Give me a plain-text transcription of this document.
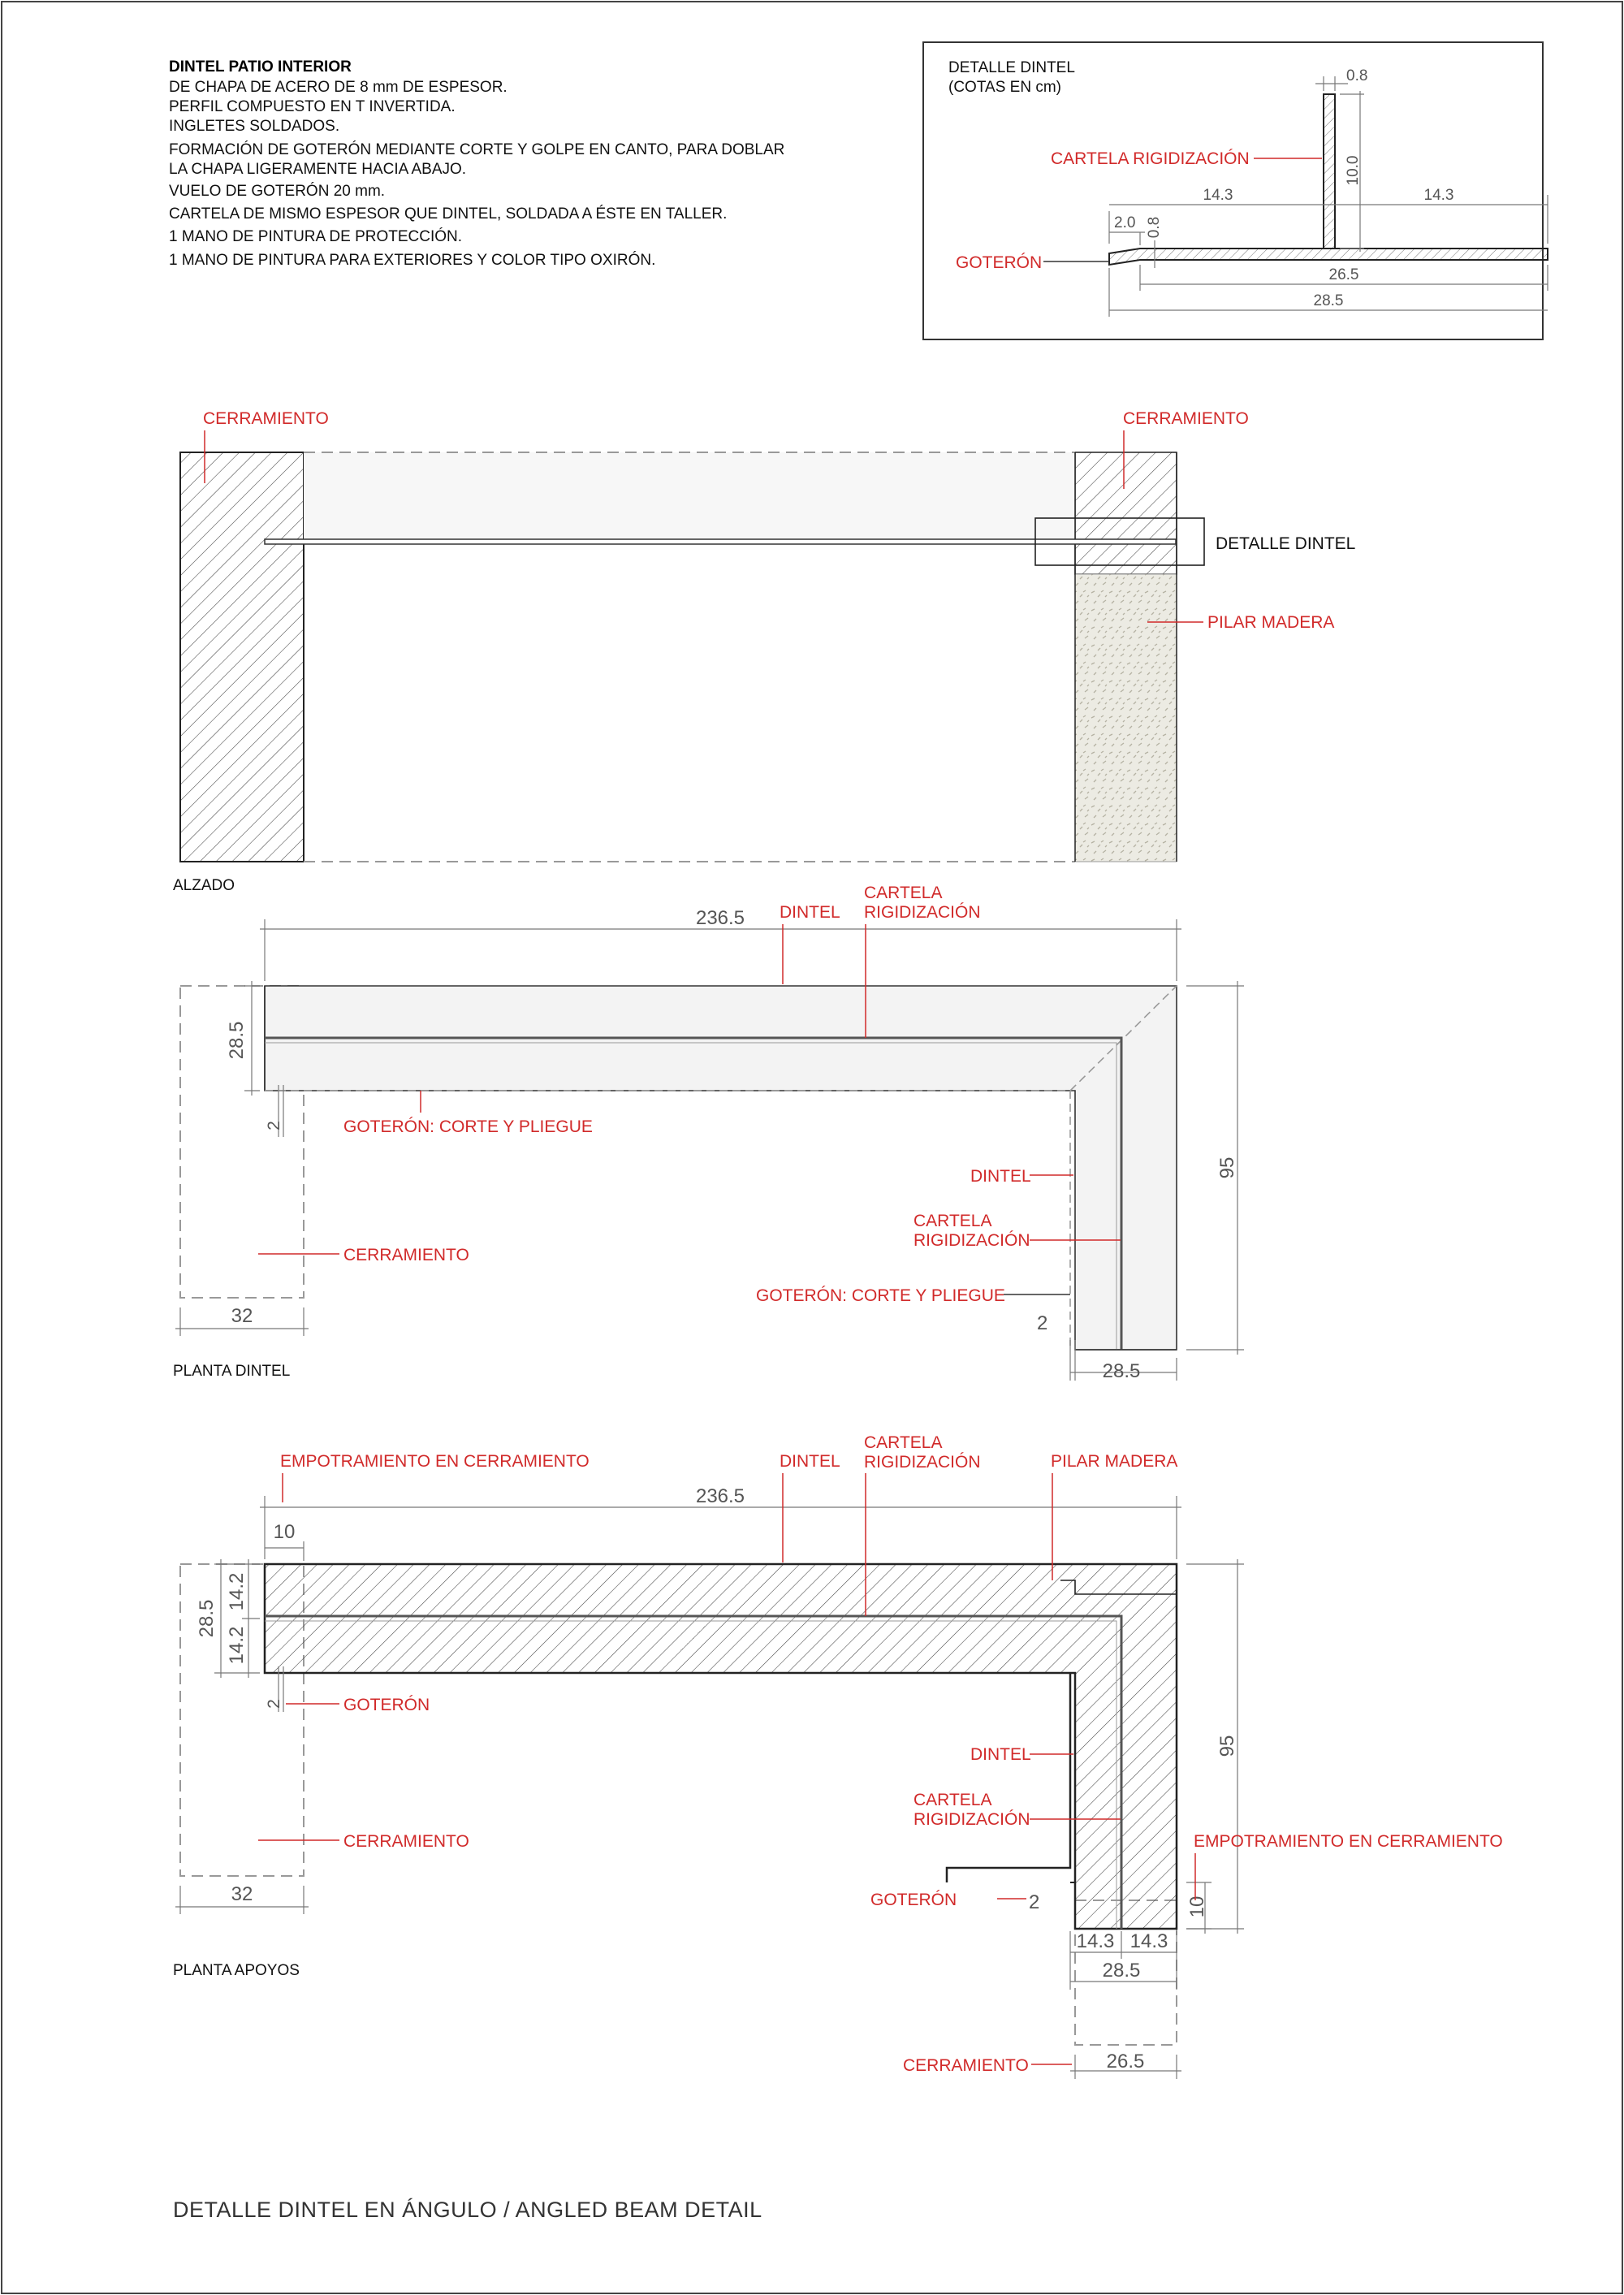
DINTEL PATIO INTERIOR
DE CHAPA DE ACERO DE 8 mm DE ESPESOR.
PERFIL COMPUESTO EN T INVERTIDA.
INGLETES SOLDADOS.
FORMACIÓN DE GOTERÓN MEDIANTE CORTE Y GOLPE EN CANTO, PARA DOBLAR
LA CHAPA LIGERAMENTE HACIA ABAJO.
VUELO DE GOTERÓN 20 mm.
CARTELA DE MISMO ESPESOR QUE DINTEL, SOLDADA A ÉSTE EN TALLER.
1 MANO DE PINTURA DE PROTECCIÓN.
1 MANO DE PINTURA PARA EXTERIORES Y COLOR TIPO OXIRÓN.
DETALLE DINTEL
(COTAS EN cm)
0.8
10.0
14.3	14.3
2.0 0.8
26.5
28.5
CARTELA RIGIDIZACIÓN
GOTERÓN
CERRAMIENTO	CERRAMIENTO
DETALLE DINTEL
PILAR MADERA
ALZADO
236.5
28.5
2
95
32	2
28.5
DINTEL
CARTELA
RIGIDIZACIÓN
GOTERÓN: CORTE Y PLIEGUE
DINTEL
CARTELA
RIGIDIZACIÓN
GOTERÓN: CORTE Y PLIEGUE
CERRAMIENTO
PLANTA DINTEL
236.5
10
28.5
14.2
14.2
2
95
10
32	2
14.3 14.3
28.5
26.5
EMPOTRAMIENTO EN CERRAMIENTO	DINTEL
CARTELA
RIGIDIZACIÓN	PILAR MADERA
GOTERÓN
CERRAMIENTO
DINTEL
CARTELA
RIGIDIZACIÓN
EMPOTRAMIENTO EN CERRAMIENTO
GOTERÓN
CERRAMIENTO
PLANTA APOYOS
DETALLE DINTEL EN ÁNGULO / ANGLED BEAM DETAIL
